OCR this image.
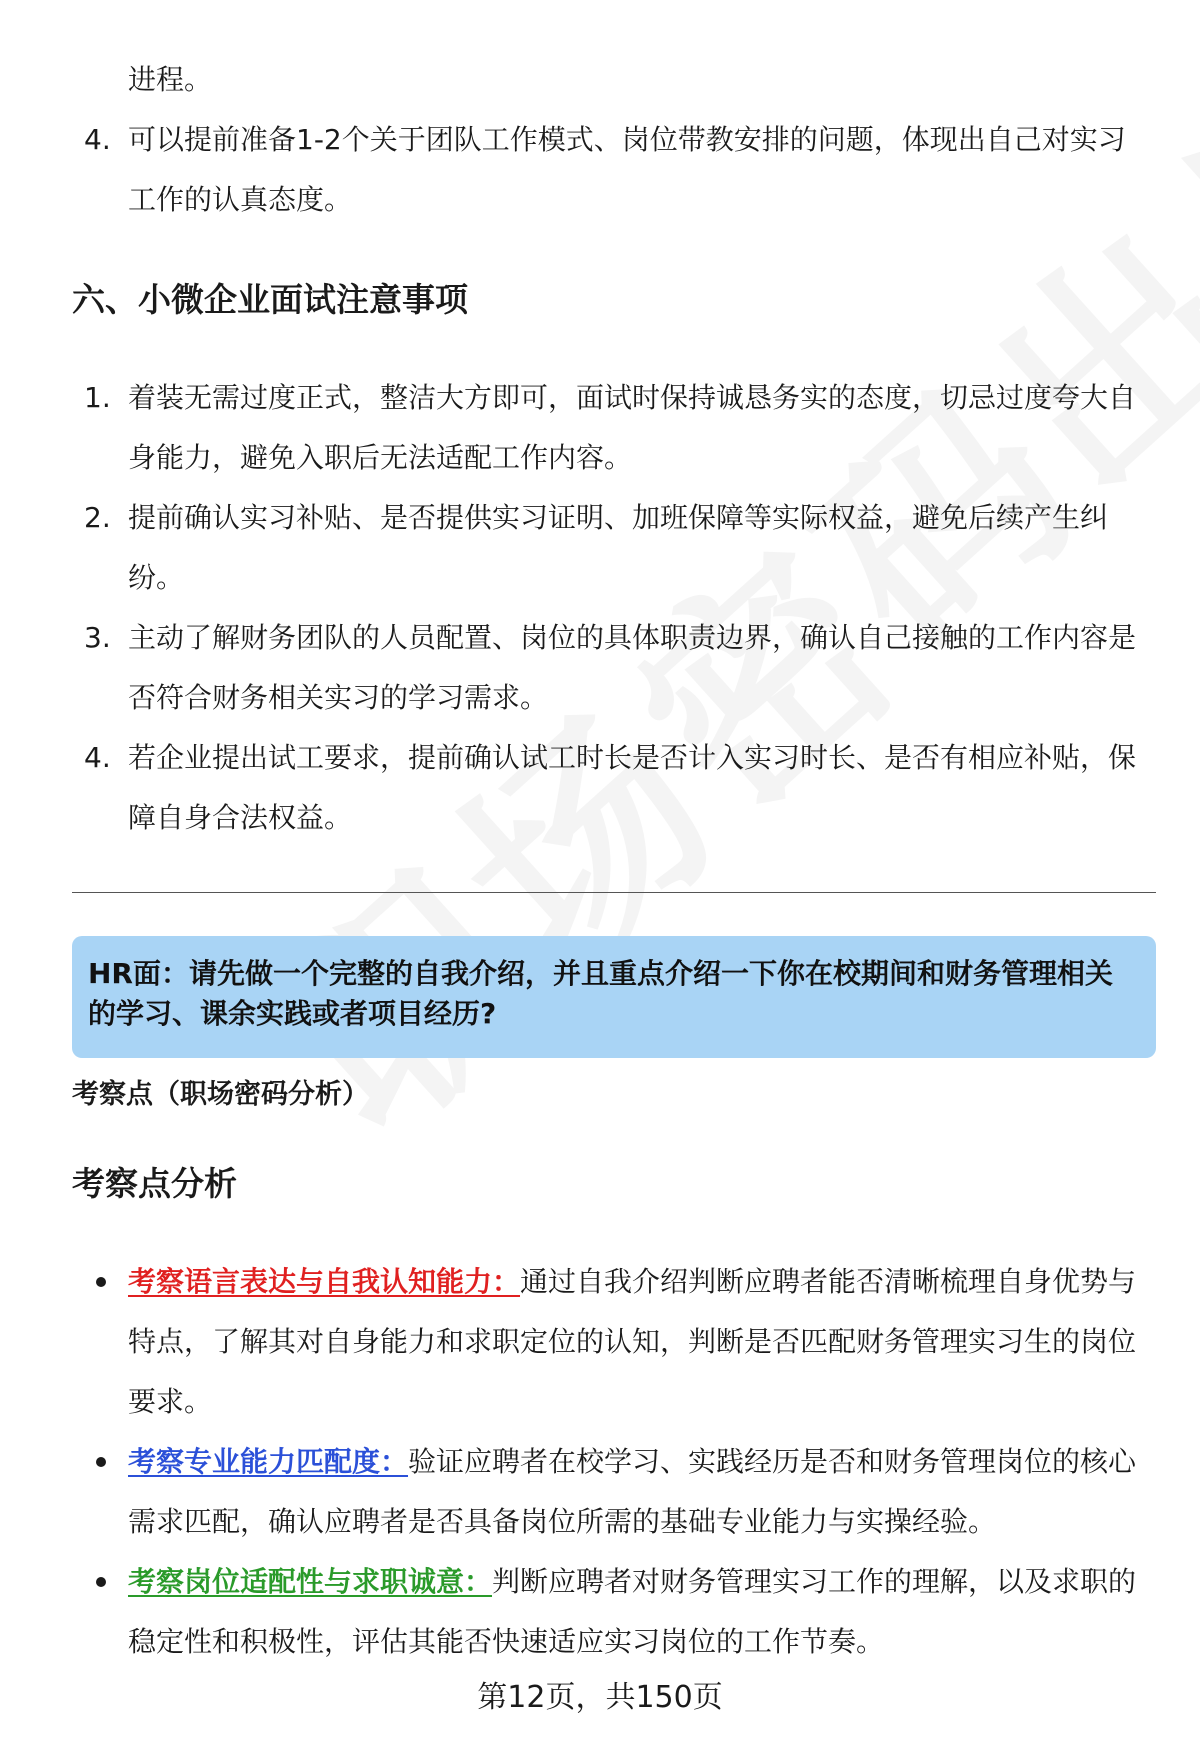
进程。
4. 可以提前准备1-2个关于团队工作模式、岗位带教安排的问题，体现出自己对实习工作的认真态度。
六、小微企业面试注意事项
1. 着装无需过度正式，整洁大方即可，面试时保持诚恳务实的态度，切忌过度夸大自身能力，避免入职后无法适配工作内容。
2. 提前确认实习补贴、是否提供实习证明、加班保障等实际权益，避免后续产生纠纷。
3. 主动了解财务团队的人员配置、岗位的具体职责边界，确认自己接触的工作内容是否符合财务相关实习的学习需求。
4. 若企业提出试工要求，提前确认试工时长是否计入实习时长、是否有相应补贴，保障自身合法权益。
HR面：请先做一个完整的自我介绍，并且重点介绍一下你在校期间和财务管理相关的学习、课余实践或者项目经历?
考察点（职场密码分析）
考察点分析
考察语言表达与自我认知能力：通过自我介绍判断应聘者能否清晰梳理自身优势与特点，了解其对自身能力和求职定位的认知，判断是否匹配财务管理实习生的岗位要求。
考察专业能力匹配度：验证应聘者在校学习、实践经历是否和财务管理岗位的核心需求匹配，确认应聘者是否具备岗位所需的基础专业能力与实操经验。
考察岗位适配性与求职诚意：判断应聘者对财务管理实习工作的理解，以及求职的稳定性和积极性，评估其能否快速适应实习岗位的工作节奏。
第12页，共150页
